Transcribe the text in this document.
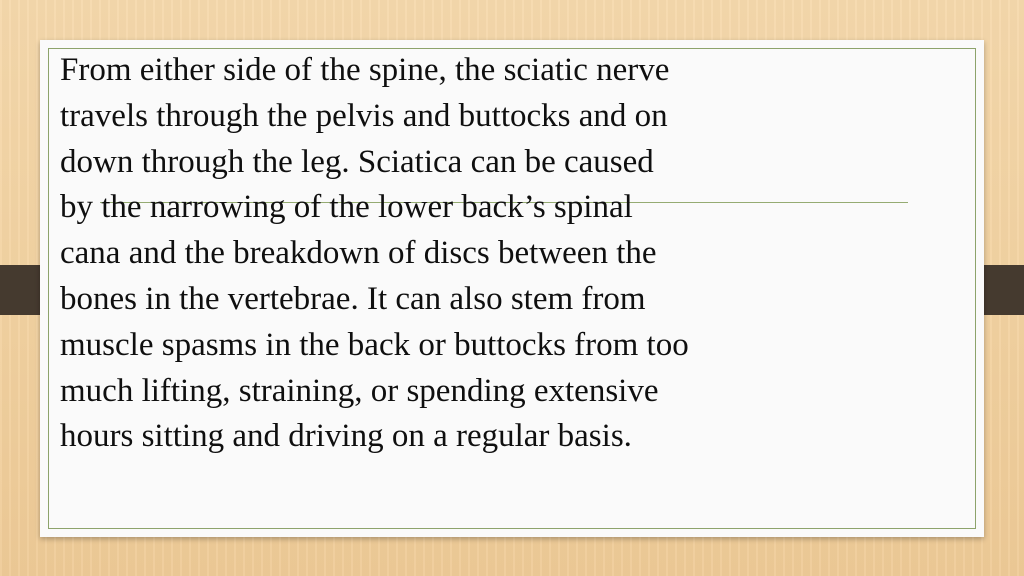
From either side of the spine, the sciatic nerve
travels through the pelvis and buttocks and on
down through the leg. Sciatica can be caused
by the narrowing of the lower back’s spinal
cana and the breakdown of discs between the
bones in the vertebrae. It can also stem from
muscle spasms in the back or buttocks from too
much lifting, straining, or spending extensive
hours sitting and driving on a regular basis.
